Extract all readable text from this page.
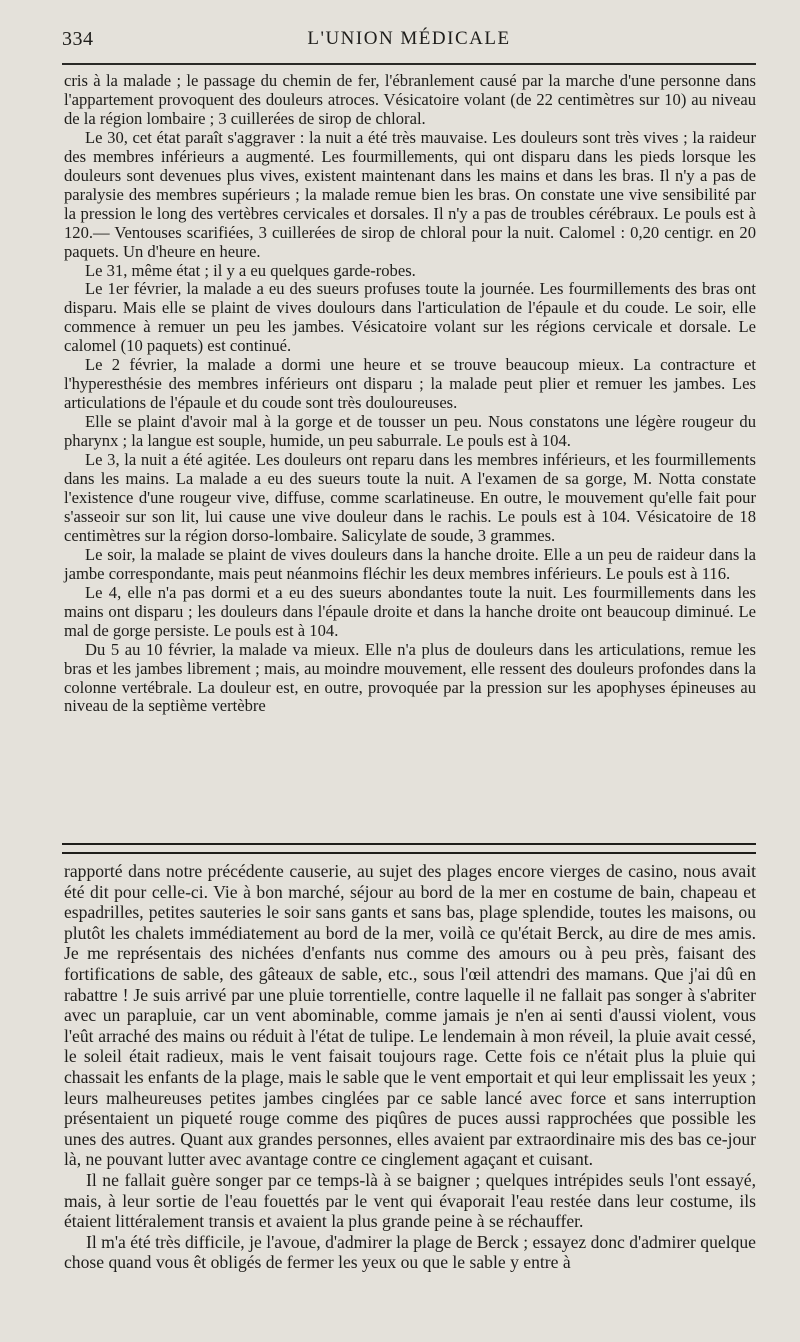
334	L'UNION MÉDICALE

cris à la malade ; le passage du chemin de fer, l'ébranlement causé par la marche d'une personne dans l'appartement provoquent des douleurs atroces. Vésicatoire volant (de 22 centimètres sur 10) au niveau de la région lombaire ; 3 cuillerées de sirop de chloral.

Le 30, cet état paraît s'aggraver : la nuit a été très mauvaise. Les douleurs sont très vives ; la raideur des membres inférieurs a augmenté. Les fourmillements, qui ont disparu dans les pieds lorsque les douleurs sont devenues plus vives, existent maintenant dans les mains et dans les bras. Il n'y a pas de paralysie des membres supérieurs ; la malade remue bien les bras. On constate une vive sensibilité par la pression le long des vertèbres cervicales et dorsales. Il n'y a pas de troubles cérébraux. Le pouls est à 120.— Ventouses scarifiées, 3 cuillerées de sirop de chloral pour la nuit. Calomel : 0,20 centigr. en 20 paquets. Un d'heure en heure.

Le 31, même état ; il y a eu quelques garde-robes.

Le 1er février, la malade a eu des sueurs profuses toute la journée. Les fourmillements des bras ont disparu. Mais elle se plaint de vives doulours dans l'articulation de l'épaule et du coude. Le soir, elle commence à remuer un peu les jambes. Vésicatoire volant sur les régions cervicale et dorsale. Le calomel (10 paquets) est continué.

Le 2 février, la malade a dormi une heure et se trouve beaucoup mieux. La contracture et l'hyperesthésie des membres inférieurs ont disparu ; la malade peut plier et remuer les jambes. Les articulations de l'épaule et du coude sont très douloureuses.

Elle se plaint d'avoir mal à la gorge et de tousser un peu. Nous constatons une légère rougeur du pharynx ; la langue est souple, humide, un peu saburrale. Le pouls est à 104.

Le 3, la nuit a été agitée. Les douleurs ont reparu dans les membres inférieurs, et les fourmillements dans les mains. La malade a eu des sueurs toute la nuit. A l'examen de sa gorge, M. Notta constate l'existence d'une rougeur vive, diffuse, comme scarlatineuse. En outre, le mouvement qu'elle fait pour s'asseoir sur son lit, lui cause une vive douleur dans le rachis. Le pouls est à 104. Vésicatoire de 18 centimètres sur la région dorso-lombaire. Salicylate de soude, 3 grammes.

Le soir, la malade se plaint de vives douleurs dans la hanche droite. Elle a un peu de raideur dans la jambe correspondante, mais peut néanmoins fléchir les deux membres inférieurs. Le pouls est à 116.

Le 4, elle n'a pas dormi et a eu des sueurs abondantes toute la nuit. Les fourmillements dans les mains ont disparu ; les douleurs dans l'épaule droite et dans la hanche droite ont beaucoup diminué. Le mal de gorge persiste. Le pouls est à 104.

Du 5 au 10 février, la malade va mieux. Elle n'a plus de douleurs dans les articulations, remue les bras et les jambes librement ; mais, au moindre mouvement, elle ressent des douleurs profondes dans la colonne vertébrale. La douleur est, en outre, provoquée par la pression sur les apophyses épineuses au niveau de la septième vertèbre

rapporté dans notre précédente causerie, au sujet des plages encore vierges de casino, nous avait été dit pour celle-ci. Vie à bon marché, séjour au bord de la mer en costume de bain, chapeau et espadrilles, petites sauteries le soir sans gants et sans bas, plage splendide, toutes les maisons, ou plutôt les chalets immédiatement au bord de la mer, voilà ce qu'était Berck, au dire de mes amis. Je me représentais des nichées d'enfants nus comme des amours ou à peu près, faisant des fortifications de sable, des gâteaux de sable, etc., sous l'œil attendri des mamans. Que j'ai dû en rabattre ! Je suis arrivé par une pluie torrentielle, contre laquelle il ne fallait pas songer à s'abriter avec un parapluie, car un vent abominable, comme jamais je n'en ai senti d'aussi violent, vous l'eût arraché des mains ou réduit à l'état de tulipe. Le lendemain à mon réveil, la pluie avait cessé, le soleil était radieux, mais le vent faisait toujours rage. Cette fois ce n'était plus la pluie qui chassait les enfants de la plage, mais le sable que le vent emportait et qui leur emplissait les yeux ; leurs malheureuses petites jambes cinglées par ce sable lancé avec force et sans interruption présentaient un piqueté rouge comme des piqûres de puces aussi rapprochées que possible les unes des autres. Quant aux grandes personnes, elles avaient par extraordinaire mis des bas ce-jour là, ne pouvant lutter avec avantage contre ce cinglement agaçant et cuisant.

Il ne fallait guère songer par ce temps-là à se baigner ; quelques intrépides seuls l'ont essayé, mais, à leur sortie de l'eau fouettés par le vent qui évaporait l'eau restée dans leur costume, ils étaient littéralement transis et avaient la plus grande peine à se réchauffer.

Il m'a été très difficile, je l'avoue, d'admirer la plage de Berck ; essayez donc d'admirer quelque chose quand vous êt obligés de fermer les yeux ou que le sable y entre à
